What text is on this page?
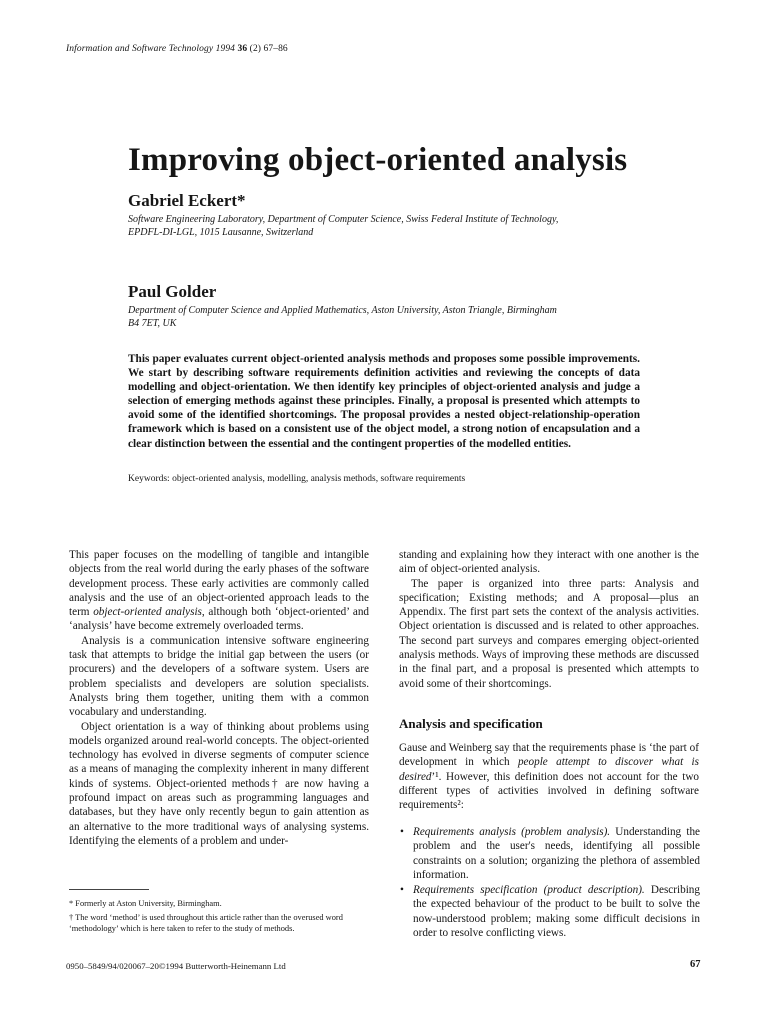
Information and Software Technology 1994 36 (2) 67–86
Improving object-oriented analysis
Gabriel Eckert*
Software Engineering Laboratory, Department of Computer Science, Swiss Federal Institute of Technology,
EPDFL-DI-LGL, 1015 Lausanne, Switzerland
Paul Golder
Department of Computer Science and Applied Mathematics, Aston University, Aston Triangle, Birmingham
B4 7ET, UK
This paper evaluates current object-oriented analysis methods and proposes some possible improvements. We start by describing software requirements definition activities and reviewing the concepts of data modelling and object-orientation. We then identify key principles of object-oriented analysis and judge a selection of emerging methods against these principles. Finally, a proposal is presented which attempts to avoid some of the identified shortcomings. The proposal provides a nested object-relationship-operation framework which is based on a consistent use of the object model, a strong notion of encapsulation and a clear distinction between the essential and the contingent properties of the modelled entities.
Keywords: object-oriented analysis, modelling, analysis methods, software requirements

This paper focuses on the modelling of tangible and intangible objects from the real world during the early phases of the software development process. These early activities are commonly called analysis and the use of an object-oriented approach leads to the term object-oriented analysis, although both ‘object-oriented’ and ‘analysis’ have become extremely overloaded terms.

Analysis is a communication intensive software engineering task that attempts to bridge the initial gap between the users (or procurers) and the developers of a software system. Users are problem specialists and developers are solution specialists. Analysts bring them together, uniting them with a common vocabulary and understanding.

Object orientation is a way of thinking about problems using models organized around real-world concepts. The object-oriented technology has evolved in diverse segments of computer science as a means of managing the complexity inherent in many different kinds of systems. Object-oriented methods† are now having a profound impact on areas such as programming languages and databases, but they have only recently begun to gain attention as an alternative to the more traditional ways of analysing systems. Identifying the elements of a problem and under-

standing and explaining how they interact with one another is the aim of object-oriented analysis.

The paper is organized into three parts: Analysis and specification; Existing methods; and A proposal—plus an Appendix. The first part sets the context of the analysis activities. Object orientation is discussed and is related to other approaches. The second part surveys and compares emerging object-oriented analysis methods. Ways of improving these methods are discussed in the final part, and a proposal is presented which attempts to avoid some of their shortcomings.

Analysis and specification

Gause and Weinberg say that the requirements phase is ‘the part of development in which people attempt to discover what is desired’¹. However, this definition does not account for the two different types of activities involved in defining software requirements²:

• Requirements analysis (problem analysis). Understanding the problem and the user's needs, identifying all possible constraints on a solution; organizing the plethora of assembled information.
• Requirements specification (product description). Describing the expected behaviour of the product to be built to solve the now-understood problem; making some difficult decisions in order to resolve conflicting views.
* Formerly at Aston University, Birmingham.
† The word ‘method’ is used throughout this article rather than the overused word ‘methodology’ which is here taken to refer to the study of methods.
0950–5849/94/020067–20©1994 Butterworth-Heinemann Ltd	67
